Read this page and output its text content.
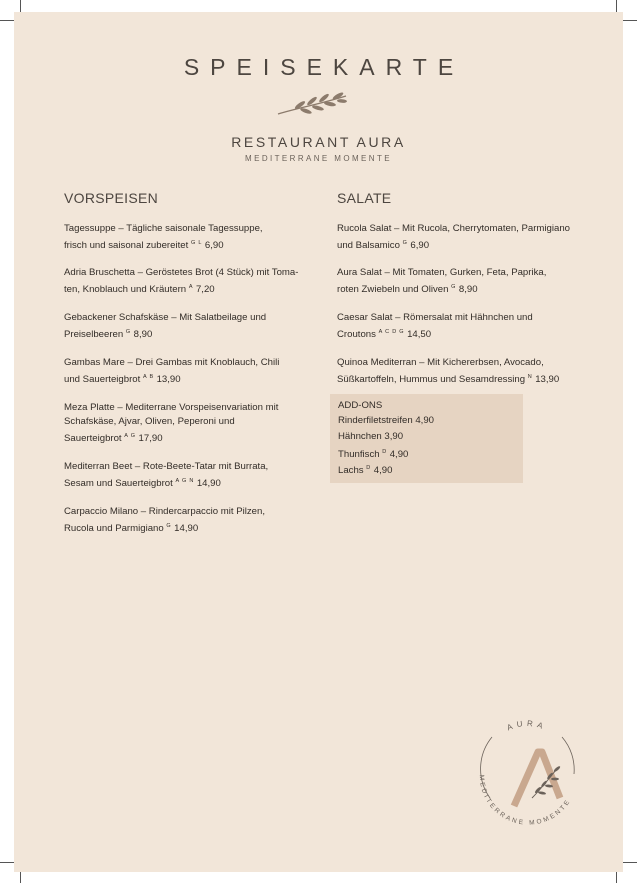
SPEISEKARTE
RESTAURANT AURA
MEDITERRANE MOMENTE
VORSPEISEN
Tagessuppe – Tägliche saisonale Tagessuppe,
frisch und saisonal zubereitet $^{G L}$ 6,90
Adria Bruschetta – Geröstetes Brot (4 Stück) mit Toma-
ten, Knoblauch und Kräutern $^A$ 7,20
Gebackener Schafskäse – Mit Salatbeilage und
Preiselbeeren $^G$ 8,90
Gambas Mare – Drei Gambas mit Knoblauch, Chili
und Sauerteigbrot $^{A B}$ 13,90
Meza Platte – Mediterrane Vorspeisenvariation mit
Schafskäse, Ajvar, Oliven, Peperoni und
Sauerteigbrot $^{A G}$ 17,90
Mediterran Beet – Rote-Beete-Tatar mit Burrata,
Sesam und Sauerteigbrot $^{A G N}$ 14,90
Carpaccio Milano – Rindercarpaccio mit Pilzen,
Rucola und Parmigiano $^G$ 14,90
SALATE
Rucola Salat – Mit Rucola, Cherrytomaten, Parmigiano
und Balsamico $^G$ 6,90
Aura Salat – Mit Tomaten, Gurken, Feta, Paprika,
roten Zwiebeln und Oliven $^G$ 8,90
Caesar Salat – Römersalat mit Hähnchen und
Croutons $^{A C D G}$ 14,50
Quinoa Mediterran – Mit Kichererbsen, Avocado,
Süßkartoffeln, Hummus und Sesamdressing $^N$ 13,90
ADD-ONS
Rinderfiletstreifen 4,90
Hähnchen 3,90
Thunfisch $^D$ 4,90
Lachs $^D$ 4,90
AURA
MEDITERRANE MOMENTE
